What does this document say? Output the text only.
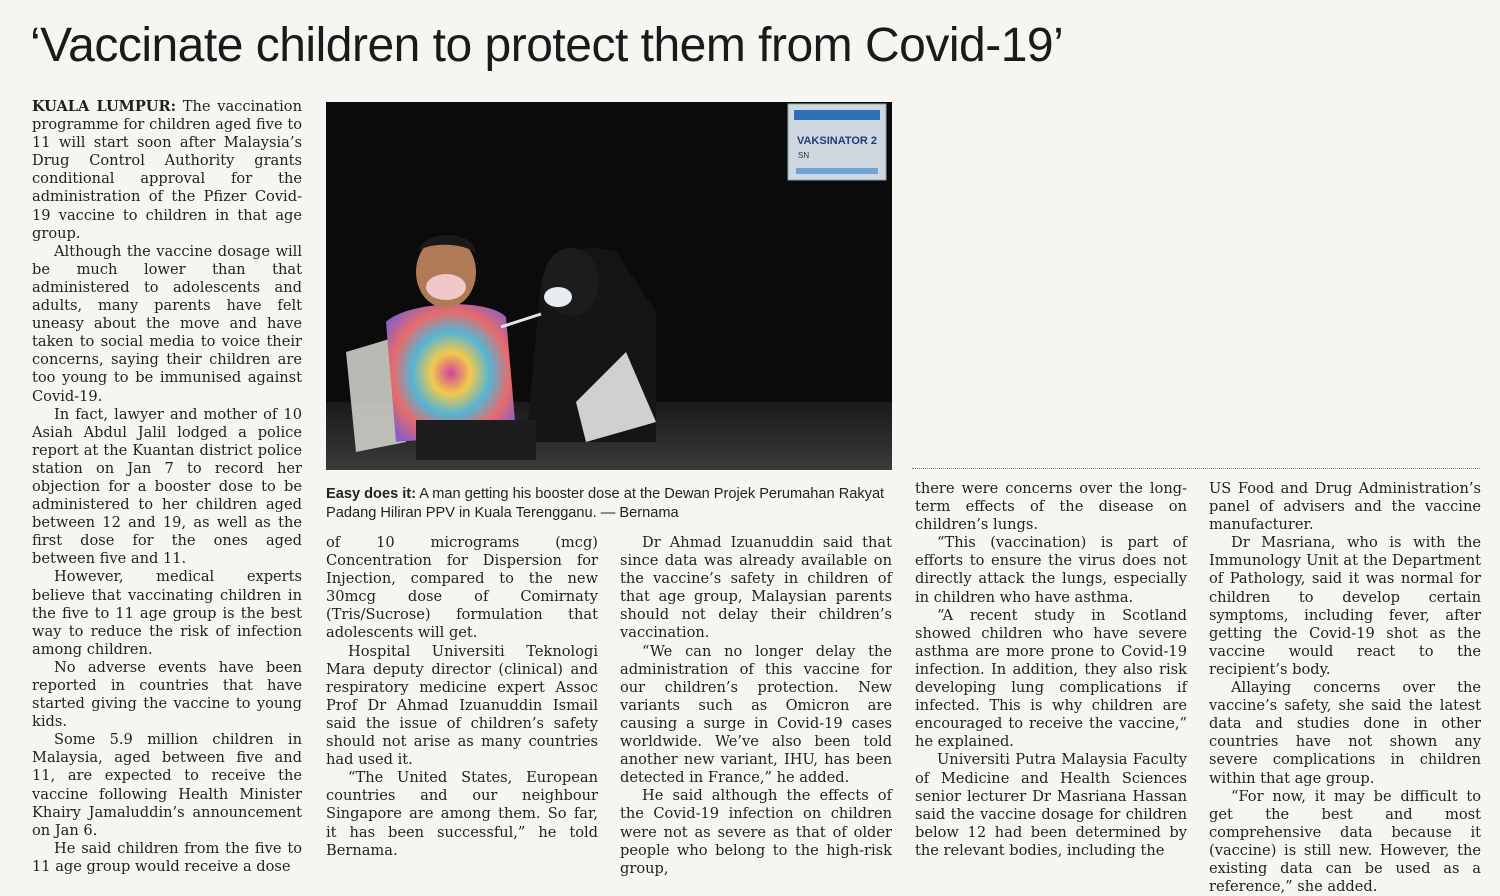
‘Vaccinate children to protect them from Covid-19’

KUALA LUMPUR: The vaccination programme for children aged five to 11 will start soon after Malaysia’s Drug Control Authority grants conditional approval for the administration of the Pfizer Covid-19 vaccine to children in that age group.

Although the vaccine dosage will be much lower than that administered to adolescents and adults, many parents have felt uneasy about the move and have taken to social media to voice their concerns, saying their children are too young to be immunised against Covid-19.

In fact, lawyer and mother of 10 Asiah Abdul Jalil lodged a police report at the Kuantan district police station on Jan 7 to record her objection for a booster dose to be administered to her children aged between 12 and 19, as well as the first dose for the ones aged between five and 11.

However, medical experts believe that vaccinating children in the five to 11 age group is the best way to reduce the risk of infection among children.

No adverse events have been reported in countries that have started giving the vaccine to young kids.

Some 5.9 million children in Malaysia, aged between five and 11, are expected to receive the vaccine following Health Minister Khairy Jamaluddin’s announcement on Jan 6.

He said children from the five to 11 age group would receive a dose

VAKSINATOR 2
SN
Easy does it: A man getting his booster dose at the Dewan Projek Perumahan Rakyat Padang Hiliran PPV in Kuala Terengganu. — Bernama

of 10 micrograms (mcg) Concentration for Dispersion for Injection, compared to the new 30mcg dose of Comirnaty (Tris/Sucrose) formulation that adolescents will get.

Hospital Universiti Teknologi Mara deputy director (clinical) and respiratory medicine expert Assoc Prof Dr Ahmad Izuanuddin Ismail said the issue of children’s safety should not arise as many countries had used it.

“The United States, European countries and our neighbour Singapore are among them. So far, it has been successful,” he told Bernama.

Dr Ahmad Izuanuddin said that since data was already available on the vaccine’s safety in children of that age group, Malaysian parents should not delay their children’s vaccination.

“We can no longer delay the administration of this vaccine for our children’s protection. New variants such as Omicron are causing a surge in Covid-19 cases worldwide. We’ve also been told another new variant, IHU, has been detected in France,” he added.

He said although the effects of the Covid-19 infection on children were not as severe as that of older people who belong to the high-risk group,

there were concerns over the long-term effects of the disease on children’s lungs.

“This (vaccination) is part of efforts to ensure the virus does not directly attack the lungs, especially in children who have asthma.

“A recent study in Scotland showed children who have severe asthma are more prone to Covid-19 infection. In addition, they also risk developing lung complications if infected. This is why children are encouraged to receive the vaccine,” he explained.

Universiti Putra Malaysia Faculty of Medicine and Health Sciences senior lecturer Dr Masriana Hassan said the vaccine dosage for children below 12 had been determined by the relevant bodies, including the

US Food and Drug Administration’s panel of advisers and the vaccine manufacturer.

Dr Masriana, who is with the Immunology Unit at the Department of Pathology, said it was normal for children to develop certain symptoms, including fever, after getting the Covid-19 shot as the vaccine would react to the recipient’s body.

Allaying concerns over the vaccine’s safety, she said the latest data and studies done in other countries have not shown any severe complications in children within that age group.

“For now, it may be difficult to get the best and most comprehensive data because it (vaccine) is still new. However, the existing data can be used as a reference,” she added.
